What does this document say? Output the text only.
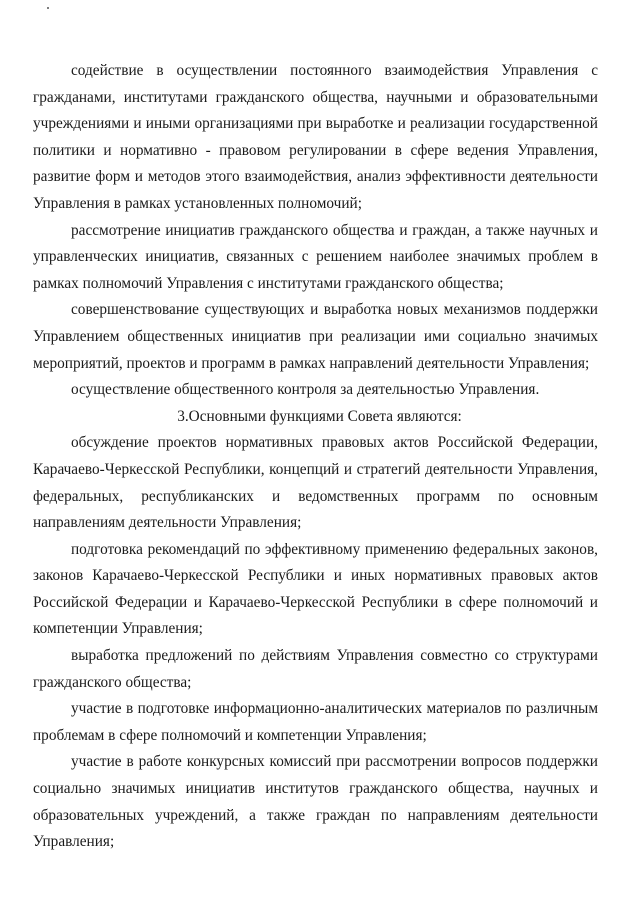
содействие в осуществлении постоянного взаимодействия Управления с гражданами, институтами гражданского общества, научными и образовательными учреждениями и иными организациями при выработке и реализации государственной политики и нормативно - правовом регулировании в сфере ведения Управления, развитие форм и методов этого взаимодействия, анализ эффективности деятельности Управления в рамках установленных полномочий;

рассмотрение инициатив гражданского общества и граждан, а также научных и управленческих инициатив, связанных с решением наиболее значимых проблем в рамках полномочий Управления с институтами гражданского общества;

совершенствование существующих и выработка новых механизмов поддержки Управлением общественных инициатив при реализации ими социально значимых мероприятий, проектов и программ в рамках направлений деятельности Управления;

осуществление общественного контроля за деятельностью Управления.

3.Основными функциями Совета являются:

обсуждение проектов нормативных правовых актов Российской Федерации, Карачаево-Черкесской Республики, концепций и стратегий деятельности Управления, федеральных, республиканских и ведомственных программ по основным направлениям деятельности Управления;

подготовка рекомендаций по эффективному применению федеральных законов, законов Карачаево-Черкесской Республики и иных нормативных правовых актов Российской Федерации и Карачаево-Черкесской Республики в сфере полномочий и компетенции Управления;

выработка предложений по действиям Управления совместно со структурами гражданского общества;

участие в подготовке информационно-аналитических материалов по различным проблемам в сфере полномочий и компетенции Управления;

участие в работе конкурсных комиссий при рассмотрении вопросов поддержки социально значимых инициатив институтов гражданского общества, научных и образовательных учреждений, а также граждан по направлениям деятельности Управления;
